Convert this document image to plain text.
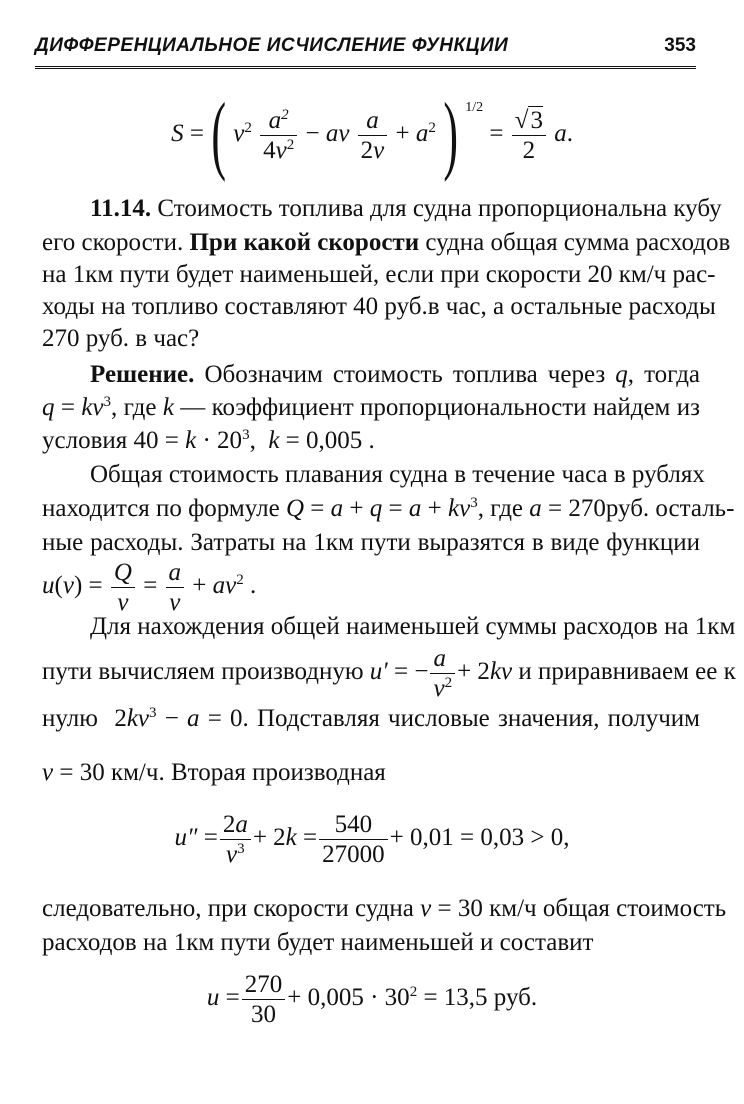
ДИФФЕРЕНЦИАЛЬНОЕ ИСЧИСЛЕНИЕ ФУНКЦИИ	353
S =( $v^2 \frac{a^2}{4v^2}$ − av $\frac{a}{2v} + a^2$) $^{1/2} = \frac{√3}{2} a$.
11.14. Стоимость топлива для судна пропорциональна кубу
его скорости. При какой скорости судна общая сумма расходов
на 1км пути будет наименьшей, если при скорости 20 км/ч рас-
ходы на топливо составляют 40 руб.в час, а остальные расходы
270 руб. в час?
Решение. Обозначим стоимость топлива через q, тогда
$q = kv^3$, где k — коэффициент пропорциональности найдем из
условия $40 = k \cdot 20^3$,  k = 0,005 .
Общая стоимость плавания судна в течение часа в рублях
находится по формуле $Q = a + q = a + kv^3$, где a = 270руб. осталь-
ные расходы. Затраты на 1км пути выразятся в виде функции
$u(v) = \frac{Q}{v} = \frac{a}{v} + av^2$ .
Для нахождения общей наименьшей суммы расходов на 1км
пути вычисляем производную u′ = − $\frac{a}{v^2} + 2kv$ и приравниваем ее к
нулю  $2kv^3 - a = 0$. Подставляя числовые значения, получим
v = 30 км/ч. Вторая производная
$u'' = \frac{2a}{v^3} + 2k = \frac{540}{27000} + 0,01 = 0,03 > 0$,
следовательно, при скорости судна v = 30 км/ч общая стоимость
расходов на 1км пути будет наименьшей и составит
$u = \frac{270}{30} + 0,005 \cdot 30^2 = 13,5$ руб.
